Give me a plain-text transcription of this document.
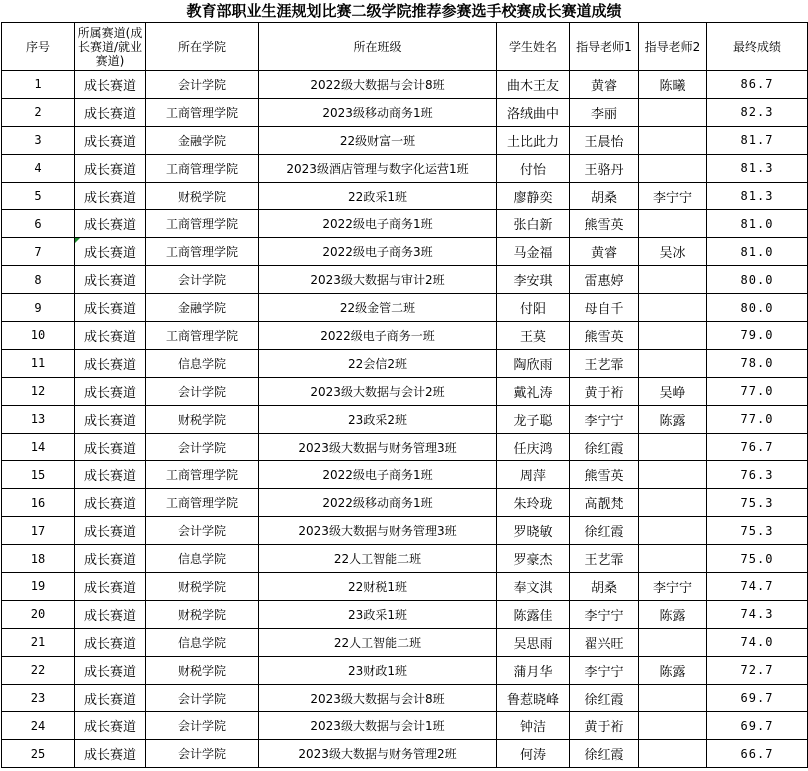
教育部职业生涯规划比赛二级学院推荐参赛选手校赛成长赛道成绩
序号	所属赛道(成长赛道/就业赛道)	所在学院	所在班级	学生姓名	指导老师1	指导老师2	最终成绩
1	成长赛道	会计学院	2022级大数据与会计8班	曲木王友	黄睿	陈曦	86.7
2	成长赛道	工商管理学院	2023级移动商务1班	洛绒曲中	李丽		82.3
3	成长赛道	金融学院	22级财富一班	土比此力	王晨怡		81.7
4	成长赛道	工商管理学院	2023级酒店管理与数字化运营1班	付怡	王骆丹		81.3
5	成长赛道	财税学院	22政采1班	廖静奕	胡桑	李宁宁	81.3
6	成长赛道	工商管理学院	2022级电子商务1班	张白新	熊雪英		81.0
7	成长赛道	工商管理学院	2022级电子商务3班	马金福	黄睿	吴冰	81.0
8	成长赛道	会计学院	2023级大数据与审计2班	李安琪	雷惠婷		80.0
9	成长赛道	金融学院	22级金管二班	付阳	母自千		80.0
10	成长赛道	工商管理学院	2022级电子商务一班	王莫	熊雪英		79.0
11	成长赛道	信息学院	22会信2班	陶欣雨	王艺霏		78.0
12	成长赛道	会计学院	2023级大数据与会计2班	戴礼涛	黄于裄	吴峥	77.0
13	成长赛道	财税学院	23政采2班	龙子聪	李宁宁	陈露	77.0
14	成长赛道	会计学院	2023级大数据与财务管理3班	任庆鸿	徐红霞		76.7
15	成长赛道	工商管理学院	2022级电子商务1班	周萍	熊雪英		76.3
16	成长赛道	工商管理学院	2022级移动商务1班	朱玲珑	高靓梵		75.3
17	成长赛道	会计学院	2023级大数据与财务管理3班	罗晓敏	徐红霞		75.3
18	成长赛道	信息学院	22人工智能二班	罗豪杰	王艺霏		75.0
19	成长赛道	财税学院	22财税1班	奉文淇	胡桑	李宁宁	74.7
20	成长赛道	财税学院	23政采1班	陈露佳	李宁宁	陈露	74.3
21	成长赛道	信息学院	22人工智能二班	吴思雨	翟兴旺		74.0
22	成长赛道	财税学院	23财政1班	蒲月华	李宁宁	陈露	72.7
23	成长赛道	会计学院	2023级大数据与会计8班	鲁惹晓峰	徐红霞		69.7
24	成长赛道	会计学院	2023级大数据与会计1班	钟洁	黄于裄		69.7
25	成长赛道	会计学院	2023级大数据与财务管理2班	何涛	徐红霞		66.7
